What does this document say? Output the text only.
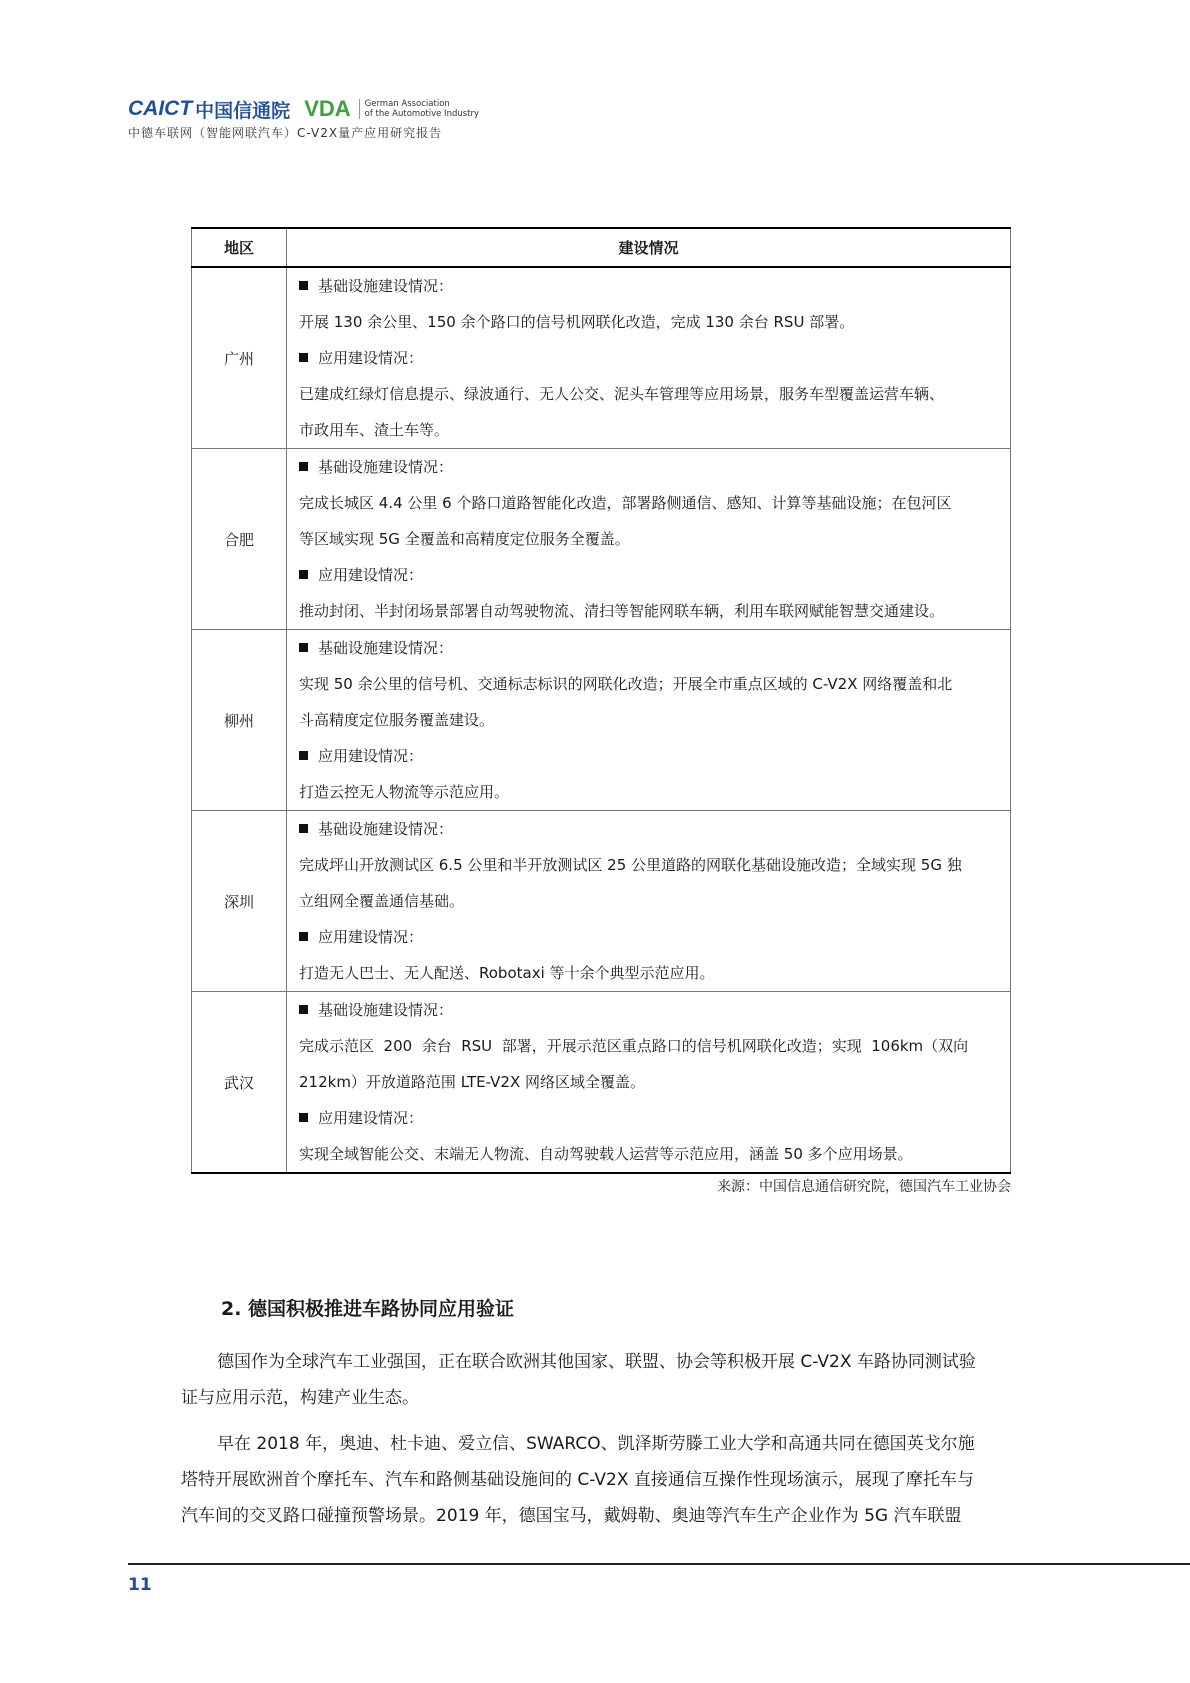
CAICT 中国信通院 VDA	German Association
of the Automotive Industry
中德车联网（智能网联汽车）C-V2X量产应用研究报告
地区	建设情况
广州	基础设施建设情况：
开展 130 余公里、150 余个路口的信号机网联化改造，完成 130 余台 RSU 部署。
应用建设情况：
已建成红绿灯信息提示、绿波通行、无人公交、泥头车管理等应用场景，服务车型覆盖运营车辆、
市政用车、渣土车等。

合肥	基础设施建设情况：
完成长城区 4.4 公里 6 个路口道路智能化改造，部署路侧通信、感知、计算等基础设施；在包河区
等区域实现 5G 全覆盖和高精度定位服务全覆盖。
应用建设情况：
推动封闭、半封闭场景部署自动驾驶物流、清扫等智能网联车辆，利用车联网赋能智慧交通建设。

柳州	基础设施建设情况：
实现 50 余公里的信号机、交通标志标识的网联化改造；开展全市重点区域的 C-V2X 网络覆盖和北
斗高精度定位服务覆盖建设。
应用建设情况：
打造云控无人物流等示范应用。

深圳	基础设施建设情况：
完成坪山开放测试区 6.5 公里和半开放测试区 25 公里道路的网联化基础设施改造；全域实现 5G 独
立组网全覆盖通信基础。
应用建设情况：
打造无人巴士、无人配送、Robotaxi 等十余个典型示范应用。

武汉	基础设施建设情况：
完成示范区  200  余台  RSU  部署，开展示范区重点路口的信号机网联化改造；实现  106km（双向
212km）开放道路范围 LTE-V2X 网络区域全覆盖。
应用建设情况：
实现全域智能公交、末端无人物流、自动驾驶载人运营等示范应用，涵盖 50 多个应用场景。
来源：中国信息通信研究院，德国汽车工业协会
2. 德国积极推进车路协同应用验证
德国作为全球汽车工业强国，正在联合欧洲其他国家、联盟、协会等积极开展 C-V2X 车路协同测试验
证与应用示范，构建产业生态。
早在 2018 年，奥迪、杜卡迪、爱立信、SWARCO、凯泽斯劳滕工业大学和高通共同在德国英戈尔施
塔特开展欧洲首个摩托车、汽车和路侧基础设施间的 C-V2X 直接通信互操作性现场演示，展现了摩托车与
汽车间的交叉路口碰撞预警场景。2019 年，德国宝马，戴姆勒、奥迪等汽车生产企业作为 5G 汽车联盟
11
